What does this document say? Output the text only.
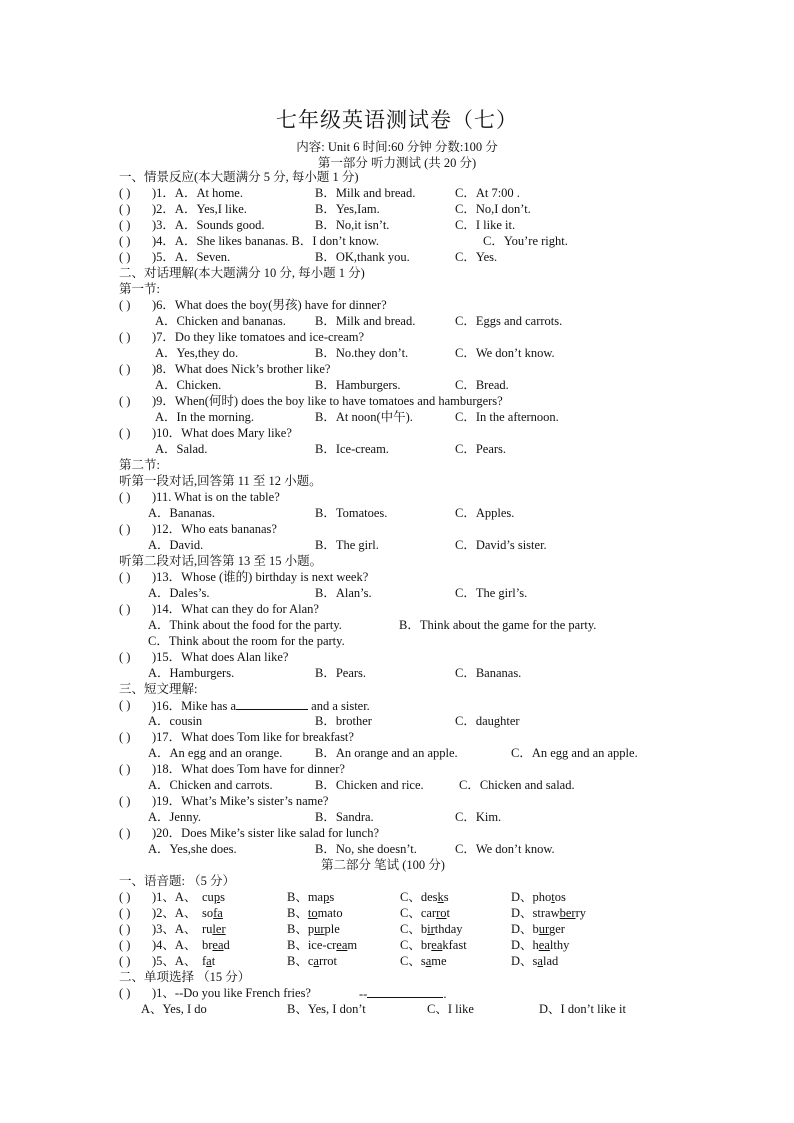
七年级英语测试卷（七）
内容: Unit 6 时间:60 分钟 分数:100 分
第一部分 听力测试 (共 20 分)
一、情景反应(本大题满分 5 分, 每小题 1 分)
( ) )1．A．At home.	B．Milk and bread.	C．At 7:00 .
( ) )2．A．Yes,I like.	B．Yes,Iam.	C．No,I don’t.
( ) )3．A．Sounds good.	B．No,it isn’t.	C．I like it.
( ) )4．A．She likes bananas. B．I don’t know.	C．You’re right.
( ) )5．A．Seven.	B．OK,thank you.	C．Yes.
二、对话理解(本大题满分 10 分, 每小题 1 分)
第一节:
( ) )6．What does the boy(男孩) have for dinner?
A．Chicken and bananas. B．Milk and bread.	C．Eggs and carrots.
( ) )7．Do they like tomatoes and ice-cream?
A．Yes,they do.	B．No.they don’t.	C．We don’t know.
( ) )8．What does Nick’s brother like?
A．Chicken.	B．Hamburgers.	C．Bread.
( ) )9．When(何时) does the boy like to have tomatoes and hamburgers?
A．In the morning.	B．At noon(中午).	C．In the afternoon.
( ) )10．What does Mary like?
A．Salad.	B．Ice-cream.	C．Pears.
第二节:
听第一段对话,回答第 11 至 12 小题。
( ) )11. What is on the table?
A．Bananas.	B．Tomatoes.	C．Apples.
( ) )12．Who eats bananas?
A．David.	B．The girl.	C．David’s sister.
听第二段对话,回答第 13 至 15 小题。
( ) )13．Whose (谁的) birthday is next week?
A．Dales’s.	B．Alan’s.	C．The girl’s.
( ) )14．What can they do for Alan?
A．Think about the food for the party.	B．Think about the game for the party.
C．Think about the room for the party.
( ) )15．What does Alan like?
A．Hamburgers.	B．Pears.	C．Bananas.
三、短文理解:
( ) )16．Mike has a	and a sister.
A．cousin	B．brother	C．daughter
( ) )17．What does Tom like for breakfast?
A．An egg and an orange.	B．An orange and an apple.	C．An egg and an apple.
( ) )18．What does Tom have for dinner?
A．Chicken and carrots.	B．Chicken and rice.	C．Chicken and salad.
( ) )19．What’s Mike’s sister’s name?
A．Jenny.	B．Sandra.	C．Kim.
( ) )20．Does Mike’s sister like salad for lunch?
A．Yes,she does.	B．No, she doesn’t.	C．We don’t know.
第二部分 笔试 (100 分)
一、语音题: （5 分）
( ) )1、A、 cups	B、maps	C、desks	D、photos
( ) )2、A、 sofa	B、tomato	C、carrot	D、strawberry
( ) )3、A、 ruler	B、purple	C、birthday	D、burger
( ) )4、A、 bread	B、ice-cream	C、breakfast	D、healthy
( ) )5、A、 fat	B、carrot	C、same	D、salad
二、单项选择 （15 分）
( ) )1、--Do you like French fries?	--	.
A、Yes, I do	B、Yes, I don’t	C、I like	D、I don’t like it
